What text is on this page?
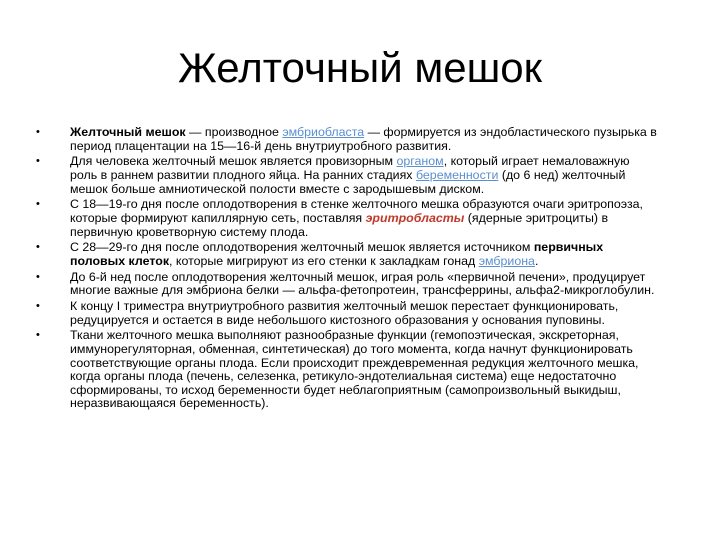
Желточный мешок
• Желточный мешок — производное эмбриобласта — формируется из эндобластического пузырька в период плацентации на 15—16-й день внутриутробного развития.
• Для человека желточный мешок является провизорным органом, который играет немаловажную роль в раннем развитии плодного яйца. На ранних стадиях беременности (до 6 нед) желточный мешок больше амниотической полости вместе с зародышевым диском.
• С 18—19-го дня после оплодотворения в стенке желточного мешка образуются очаги эритропоэза, которые формируют капиллярную сеть, поставляя эритробласты (ядерные эритроциты) в первичную кроветворную систему плода.
• С 28—29-го дня после оплодотворения желточный мешок является источником первичных половых клеток, которые мигрируют из его стенки к закладкам гонад эмбриона.
• До 6-й нед после оплодотворения желточный мешок, играя роль «первичной печени», продуцирует многие важные для эмбриона белки — альфа-фетопротеин, трансферрины, альфа2-микроглобулин.
• К концу I триместра внутриутробного развития желточный мешок перестает функционировать, редуцируется и остается в виде небольшого кистозного образования у основания пуповины.
• Ткани желточного мешка выполняют разнообразные функции (гемопоэтическая, экскреторная, иммунорегуляторная, обменная, синтетическая) до того момента, когда начнут функционировать соответствующие органы плода. Если происходит преждевременная редукция желточного мешка, когда органы плода (печень, селезенка, ретикуло-эндотелиальная система) еще недостаточно сформированы, то исход беременности будет неблагоприятным (самопроизвольный выкидыш, неразвивающаяся беременность).
